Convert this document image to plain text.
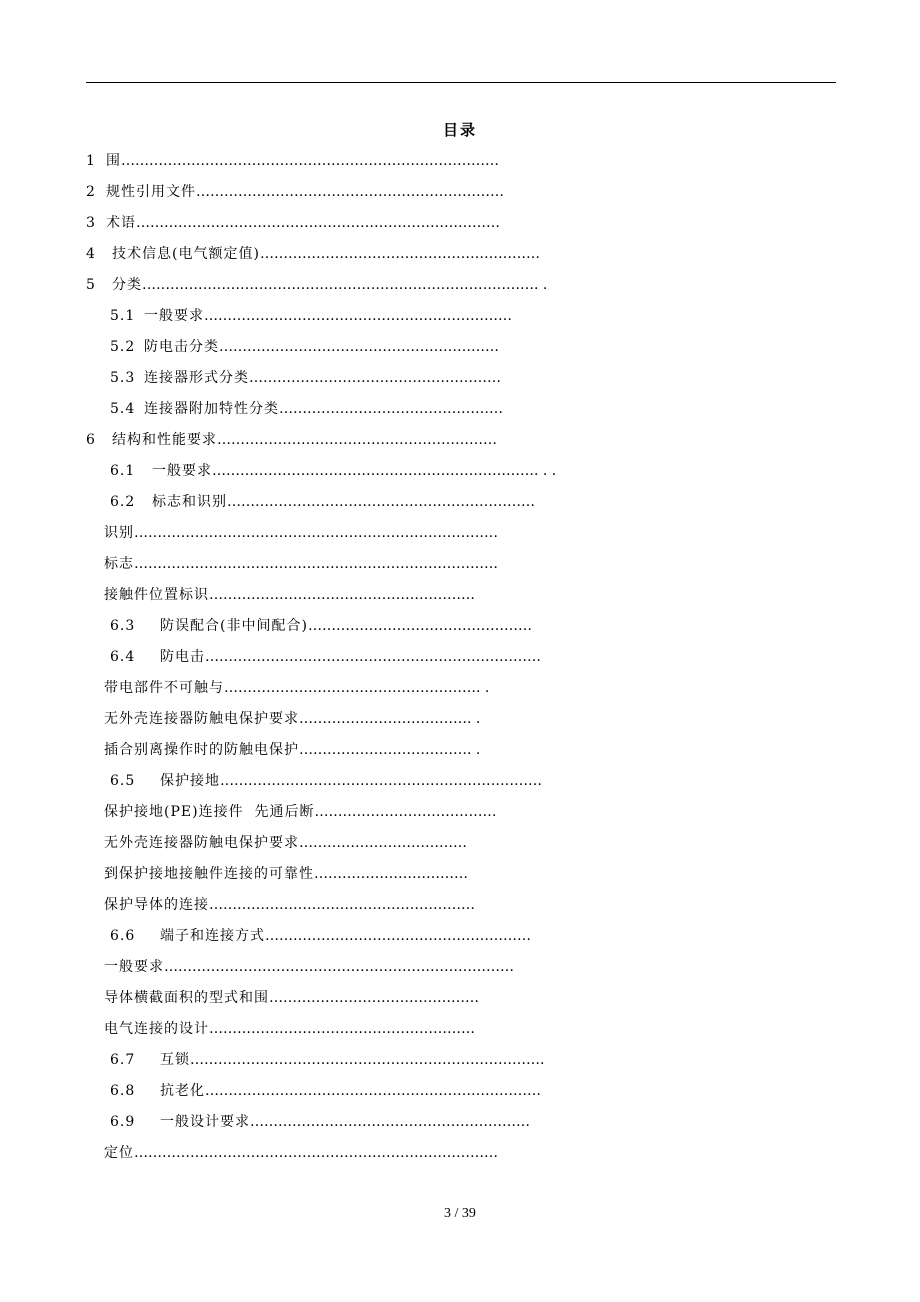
目录
1 围………………………………………………………………………
2 规性引用文件…………………………………………………………
3 术语……………………………………………………………………
4 技术信息(电气额定值)……………………………………………………
5 分类…………………………………………………………………………. .
5.1 一般要求…………………………………………………………
5.2 防电击分类……………………………………………………
5.3 连接器形式分类………………………………………………
5.4 连接器附加特性分类…………………………………………
6 结构和性能要求……………………………………………………
6.1 一般要求……………………………………………………………. . .
6.2 标志和识别…………………………………………………………
识别……………………………………………………………………
标志……………………………………………………………………
接触件位置标识…………………………………………………
6.3 防误配合(非中间配合)…………………………………………
6.4 防电击………………………………………………………………
带电部件不可触与………………………………………………. .
无外壳连接器防触电保护要求………………………………. .
插合别离操作时的防触电保护………………………………. .
6.5 保护接地……………………………………………………………
保护接地(PE)连接件  先通后断…………………………………
无外壳连接器防触电保护要求………………………………
到保护接地接触件连接的可靠性……………………………
保护导体的连接…………………………………………………
6.6 端子和连接方式…………………………………………………
一般要求…………………………………………………………………
导体横截面积的型式和围………………………………………
电气连接的设计…………………………………………………
6.7 互锁………………………………………………………………….
6.8 抗老化………………………………………………………………
6.9 一般设计要求……………………………………………………
定位……………………………………………………………………
3 / 39
